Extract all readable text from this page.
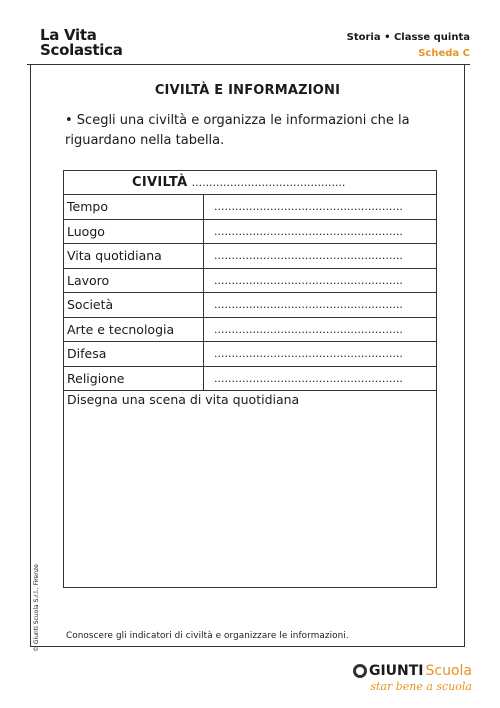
La Vita
Scolastica
Storia • Classe quinta
Scheda C
CIVILTÀ E INFORMAZIONI
• Scegli una civiltà e organizza le informazioni che la riguardano nella tabella.
CIVILTÀ ............................................
Tempo	......................................................
Luogo	......................................................
Vita quotidiana	......................................................
Lavoro	......................................................
Società	......................................................
Arte e tecnologia	......................................................
Difesa	......................................................
Religione	......................................................
Disegna una scena di vita quotidiana
Conoscere gli indicatori di civiltà e organizzare le informazioni.
© Giunti Scuola S.r.l., Firenze
GIUNTI Scuola
star bene a scuola
